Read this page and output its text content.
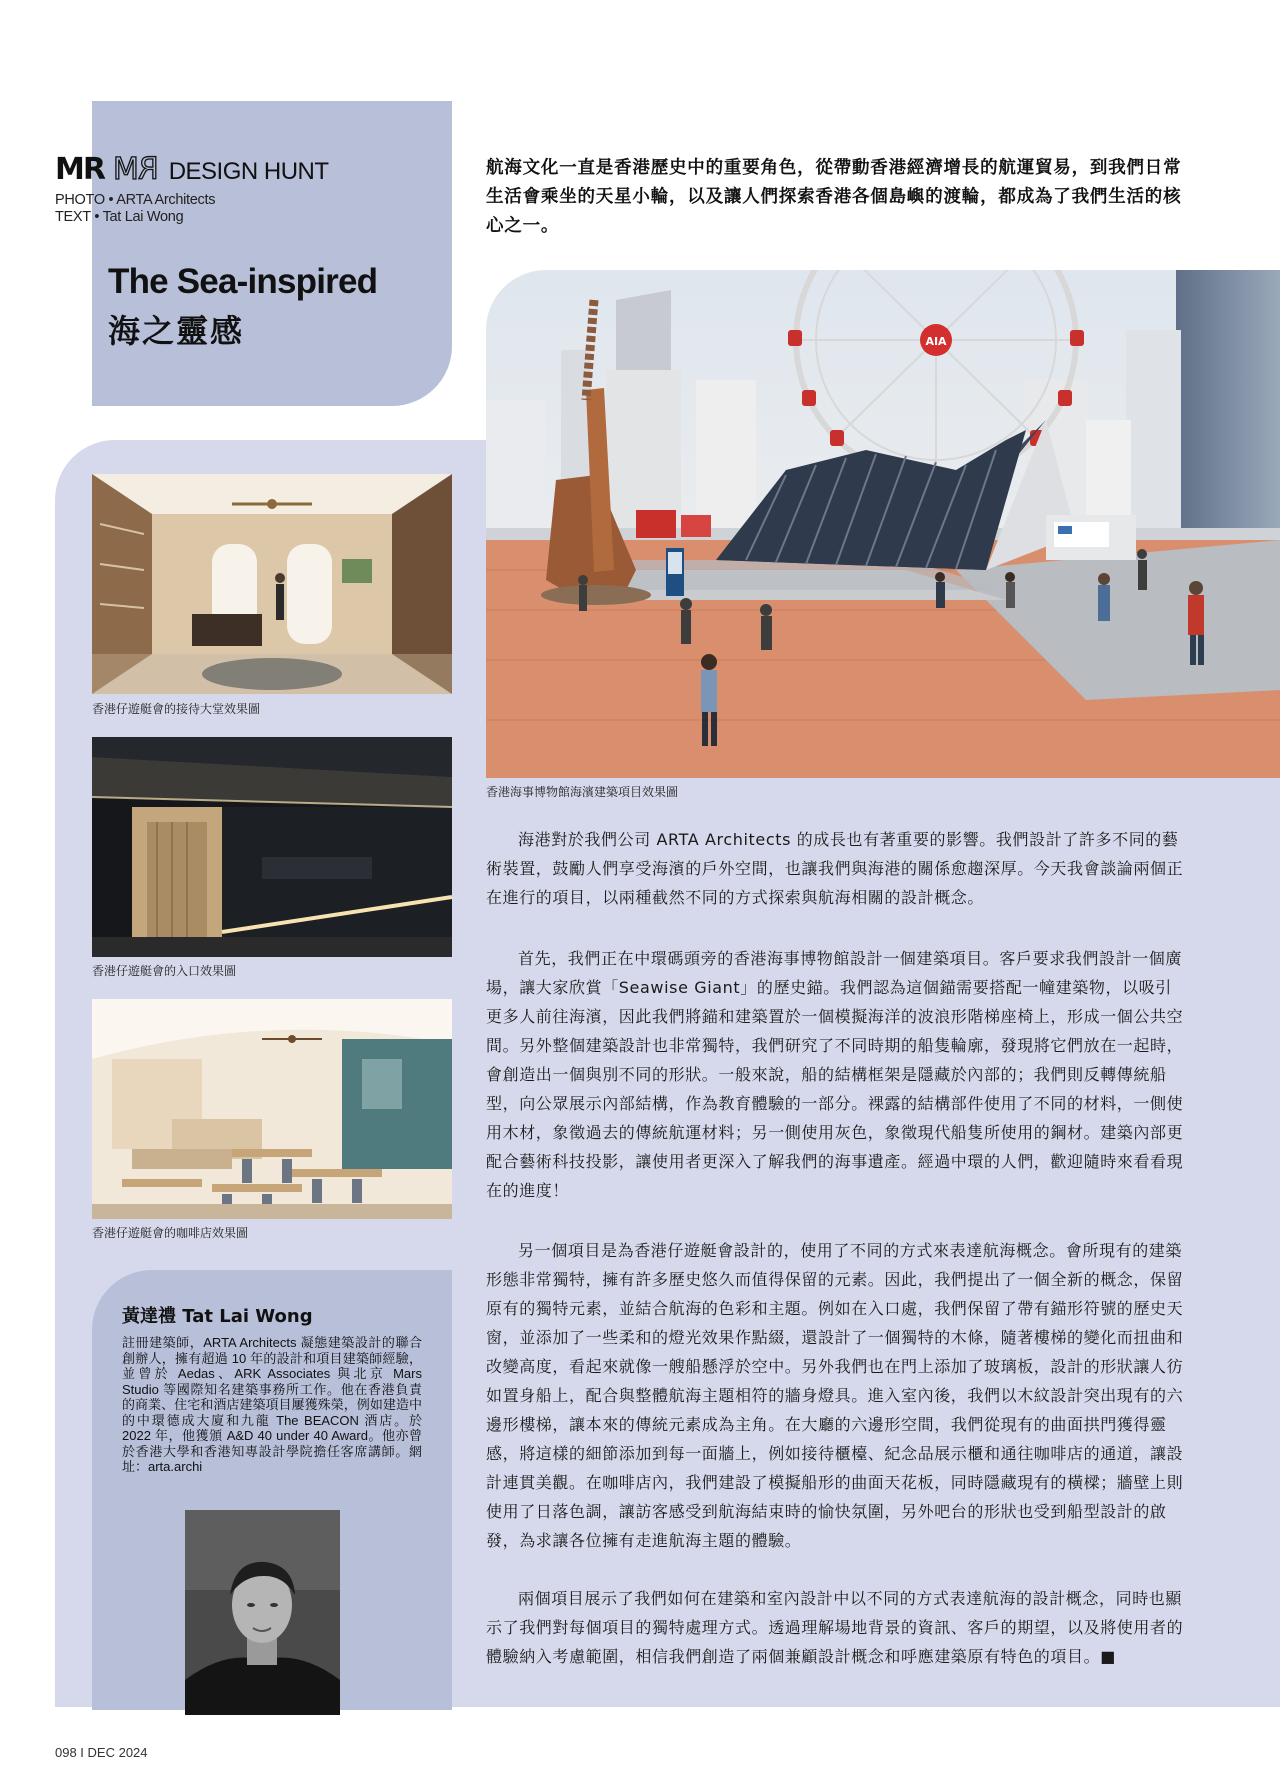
MR RM DESIGN HUNT
PHOTO • ARTA Architects
TEXT • Tat Lai Wong
The Sea-inspired
海之靈感

航海文化一直是香港歷史中的重要角色，從帶動香港經濟增長的航運貿易，到我們日常生活會乘坐的天星小輪，以及讓人們探索香港各個島嶼的渡輪，都成為了我們生活的核心之一。

AIA
香港海事博物館海濱建築項目效果圖
香港仔遊艇會的接待大堂效果圖
香港仔遊艇會的入口效果圖
香港仔遊艇會的咖啡店效果圖

海港對於我們公司 ARTA Architects 的成長也有著重要的影響。我們設計了許多不同的藝術裝置，鼓勵人們享受海濱的戶外空間，也讓我們與海港的關係愈趨深厚。今天我會談論兩個正在進行的項目，以兩種截然不同的方式探索與航海相關的設計概念。

首先，我們正在中環碼頭旁的香港海事博物館設計一個建築項目。客戶要求我們設計一個廣場，讓大家欣賞「Seawise Giant」的歷史錨。我們認為這個錨需要搭配一幢建築物，以吸引更多人前往海濱，因此我們將錨和建築置於一個模擬海洋的波浪形階梯座椅上，形成一個公共空間。另外整個建築設計也非常獨特，我們研究了不同時期的船隻輪廓，發現將它們放在一起時，會創造出一個與別不同的形狀。一般來說，船的結構框架是隱藏於內部的；我們則反轉傳統船型，向公眾展示內部結構，作為教育體驗的一部分。裸露的結構部件使用了不同的材料，一側使用木材，象徵過去的傳統航運材料；另一側使用灰色，象徵現代船隻所使用的鋼材。建築內部更配合藝術科技投影，讓使用者更深入了解我們的海事遺產。經過中環的人們，歡迎隨時來看看現在的進度！

另一個項目是為香港仔遊艇會設計的，使用了不同的方式來表達航海概念。會所現有的建築形態非常獨特，擁有許多歷史悠久而值得保留的元素。因此，我們提出了一個全新的概念，保留原有的獨特元素，並結合航海的色彩和主題。例如在入口處，我們保留了帶有錨形符號的歷史天窗，並添加了一些柔和的燈光效果作點綴，還設計了一個獨特的木條，隨著樓梯的變化而扭曲和改變高度，看起來就像一艘船懸浮於空中。另外我們也在門上添加了玻璃板，設計的形狀讓人彷如置身船上，配合與整體航海主題相符的牆身燈具。進入室內後，我們以木紋設計突出現有的六邊形樓梯，讓本來的傳統元素成為主角。在大廳的六邊形空間，我們從現有的曲面拱門獲得靈感，將這樣的細節添加到每一面牆上，例如接待櫃檯、紀念品展示櫃和通往咖啡店的通道，讓設計連貫美觀。在咖啡店內，我們建設了模擬船形的曲面天花板，同時隱藏現有的橫樑；牆壁上則使用了日落色調，讓訪客感受到航海結束時的愉快氛圍，另外吧台的形狀也受到船型設計的啟發，為求讓各位擁有走進航海主題的體驗。

兩個項目展示了我們如何在建築和室內設計中以不同的方式表達航海的設計概念，同時也顯示了我們對每個項目的獨特處理方式。透過理解場地背景的資訊、客戶的期望，以及將使用者的體驗納入考慮範圍，相信我們創造了兩個兼顧設計概念和呼應建築原有特色的項目。■

黃達禮 Tat Lai Wong

註冊建築師，ARTA Architects 凝態建築設計的聯合創辦人，擁有超過 10 年的設計和項目建築師經驗，並曾於 Aedas、ARK Associates 與北京 Mars Studio 等國際知名建築事務所工作。他在香港負責的商業、住宅和酒店建築項目屢獲殊榮，例如建造中的中環德成大廈和九龍 The BEACON 酒店。於 2022 年，他獲頒 A&D 40 under 40 Award。他亦曾於香港大學和香港知專設計學院擔任客席講師。網址：arta.archi

098 I DEC 2024
